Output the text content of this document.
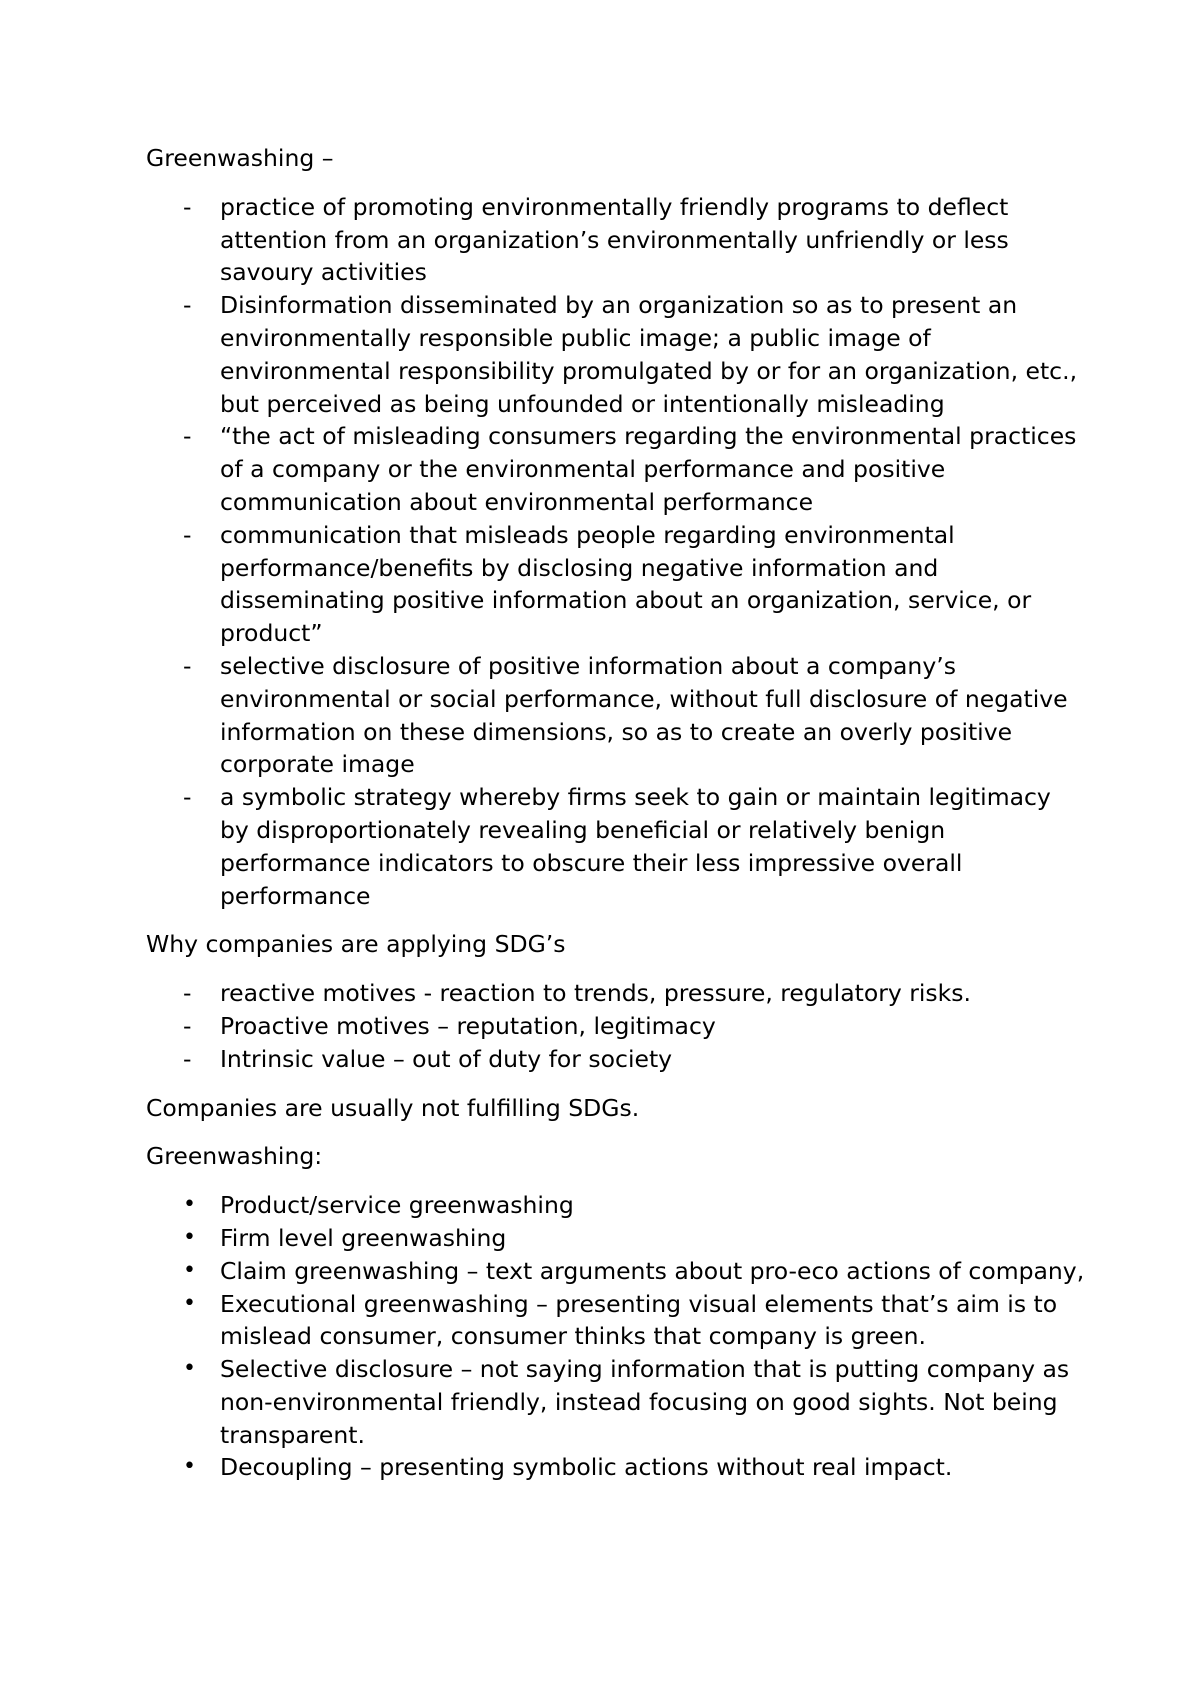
Greenwashing –

-	practice of promoting environmentally friendly programs to deflect attention from an organization’s environmentally unfriendly or less savoury activities
-	Disinformation disseminated by an organization so as to present an environmentally responsible public image; a public image of environmental responsibility promulgated by or for an organization, etc., but perceived as being unfounded or intentionally misleading
-	“the act of misleading consumers regarding the environmental practices of a company or the environmental performance and positive communication about environmental performance
-	communication that misleads people regarding environmental performance/benefits by disclosing negative information and disseminating positive information about an organization, service, or product”
-	selective disclosure of positive information about a company’s environmental or social performance, without full disclosure of negative information on these dimensions, so as to create an overly positive corporate image
-	a symbolic strategy whereby firms seek to gain or maintain legitimacy by disproportionately revealing beneficial or relatively benign performance indicators to obscure their less impressive overall performance

Why companies are applying SDG’s

-	reactive motives - reaction to trends, pressure, regulatory risks.
-	Proactive motives – reputation, legitimacy
-	Intrinsic value – out of duty for society

Companies are usually not fulfilling SDGs.

Greenwashing:

• Product/service greenwashing
• Firm level greenwashing
• Claim greenwashing – text arguments about pro-eco actions of company,
• Executional greenwashing – presenting visual elements that’s aim is to mislead consumer, consumer thinks that company is green.
• Selective disclosure – not saying information that is putting company as non-environmental friendly, instead focusing on good sights. Not being transparent.
• Decoupling – presenting symbolic actions without real impact.
